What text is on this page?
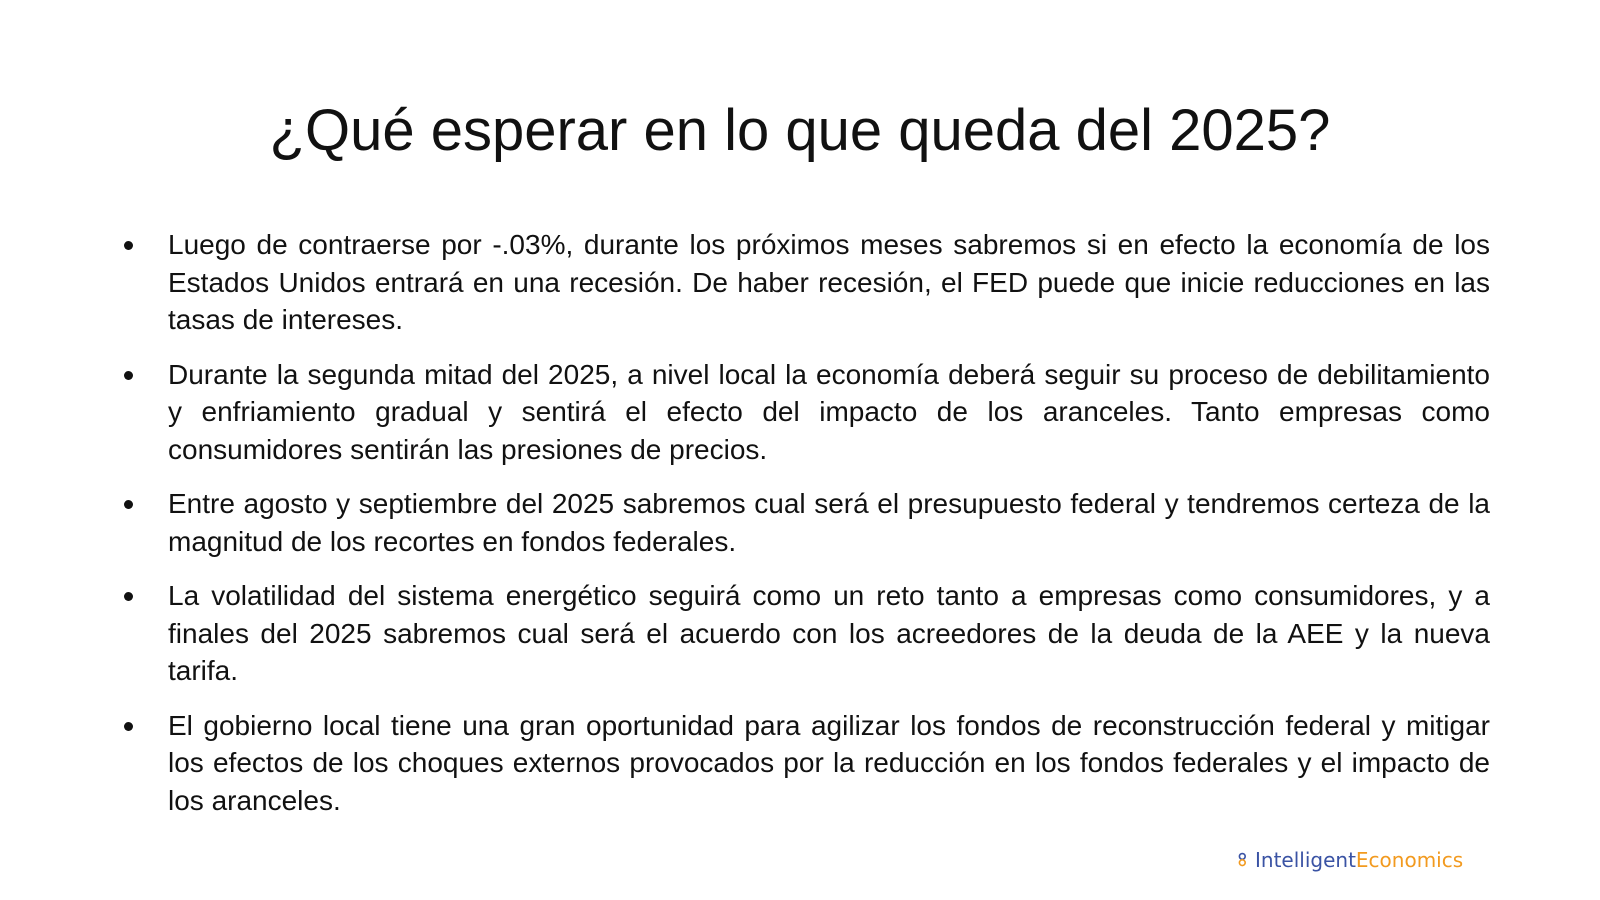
¿Qué esperar en lo que queda del 2025?
Luego de contraerse por -.03%, durante los próximos meses sabremos si en efecto la economía de los Estados Unidos entrará en una recesión. De haber recesión, el FED puede que inicie reducciones en las tasas de intereses.
Durante la segunda mitad del 2025, a nivel local la economía deberá seguir su proceso de debilitamiento y enfriamiento gradual y sentirá el efecto del impacto de los aranceles. Tanto empresas como consumidores sentirán las presiones de precios.
Entre agosto y septiembre del 2025 sabremos cual será el presupuesto federal y tendremos certeza de la magnitud de los recortes en fondos federales.
La volatilidad del sistema energético seguirá como un reto tanto a empresas como consumidores, y a finales del 2025 sabremos cual será el acuerdo con los acreedores de la deuda de la AEE y la nueva tarifa.
El gobierno local tiene una gran oportunidad para agilizar los fondos de reconstrucción federal y mitigar los efectos de los choques externos provocados por la reducción en los fondos federales y el impacto de los aranceles.
Intelligent Economics
